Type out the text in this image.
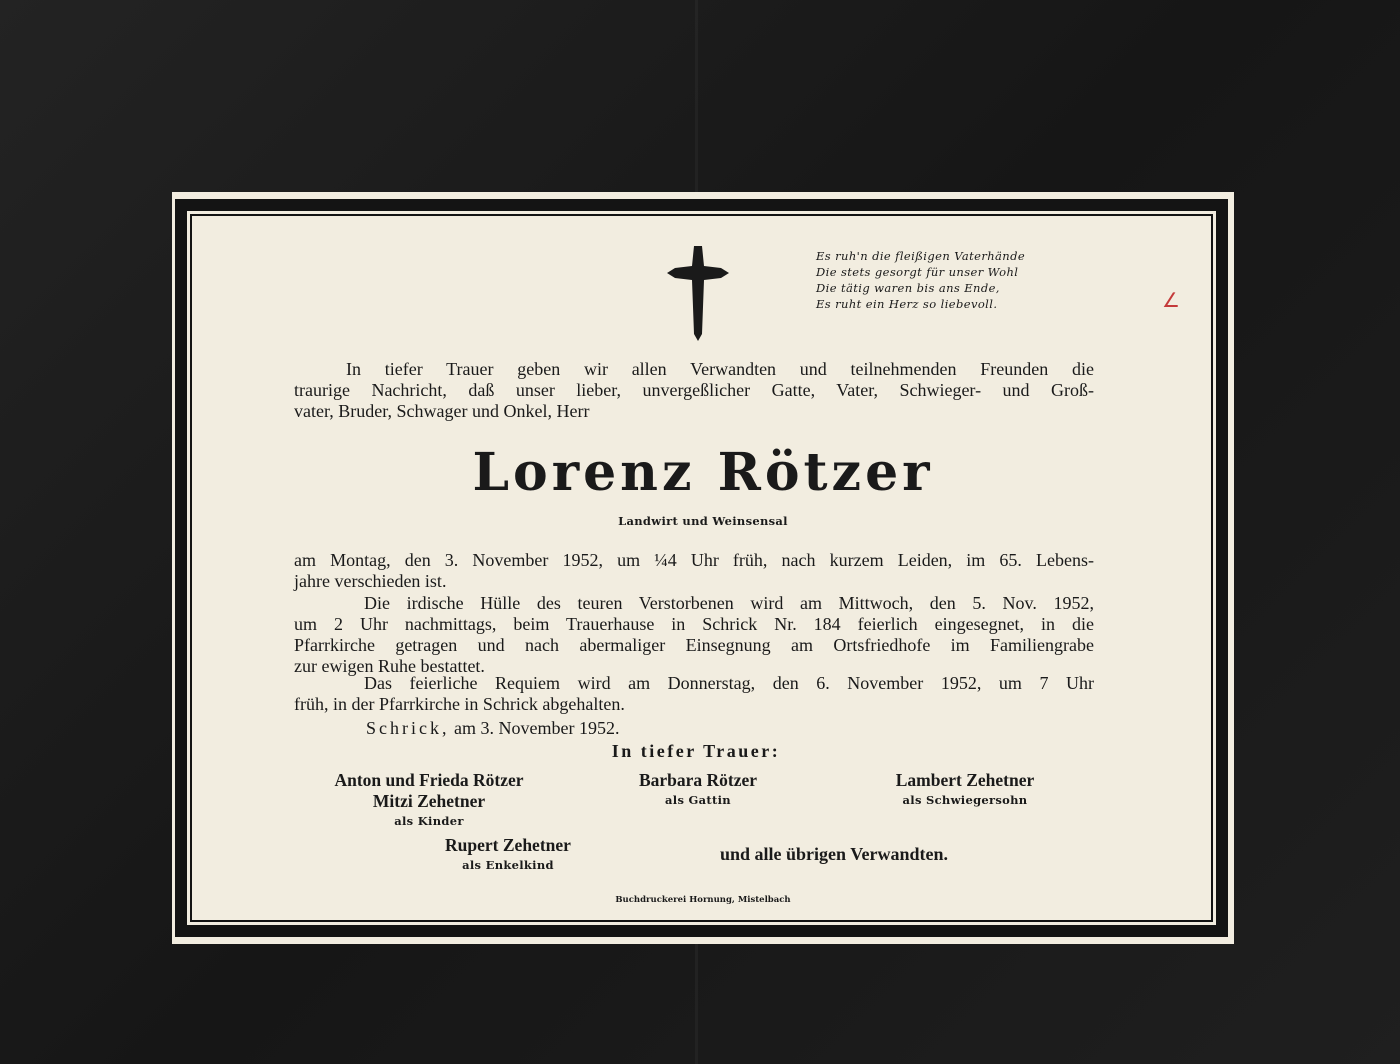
Es ruh'n die fleißigen Vaterhände
Die stets gesorgt für unser Wohl
Die tätig waren bis ans Ende,
Es ruht ein Herz so liebevoll.	∠
In tiefer Trauer geben wir allen Verwandten und teilnehmenden Freunden die
traurige Nachricht, daß unser lieber, unvergeßlicher Gatte, Vater, Schwieger- und Groß-
vater, Bruder, Schwager und Onkel, Herr
Lorenz Rötzer
Landwirt und Weinsensal
am Montag, den 3. November 1952, um ¼4 Uhr früh, nach kurzem Leiden, im 65. Lebens-
jahre verschieden ist.
Die irdische Hülle des teuren Verstorbenen wird am Mittwoch, den 5. Nov. 1952,
um 2 Uhr nachmittags, beim Trauerhause in Schrick Nr. 184 feierlich eingesegnet, in die
Pfarrkirche getragen und nach abermaliger Einsegnung am Ortsfriedhofe im Familiengrabe
zur ewigen Ruhe bestattet.
Das feierliche Requiem wird am Donnerstag, den 6. November 1952, um 7 Uhr
früh, in der Pfarrkirche in Schrick abgehalten.
Schrick, am 3. November 1952.
In tiefer Trauer:
Anton und Frieda Rötzer
Mitzi Zehetner
als Kinder
Barbara Rötzer
als Gattin
Lambert Zehetner
als Schwiegersohn
Rupert Zehetner
als Enkelkind
und alle übrigen Verwandten.
Buchdruckerei Hornung, Mistelbach
